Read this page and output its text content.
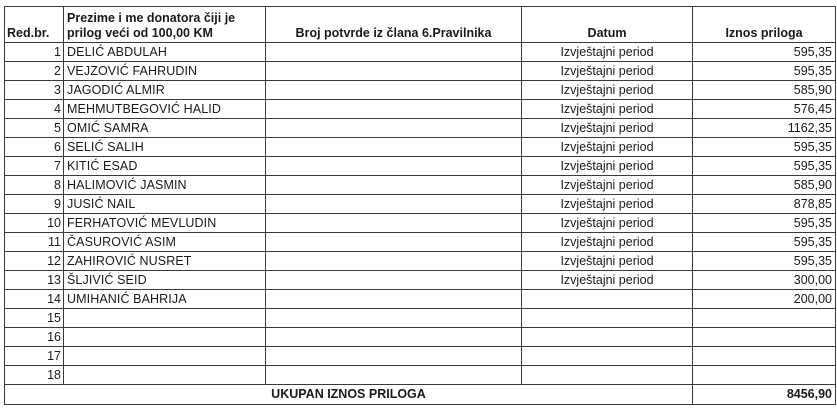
Red.br.	Prezime i me donatora čiji je prilog veći od 100,00 KM	Broj potvrde iz člana 6.Pravilnika	Datum	Iznos priloga
1	DELIĆ ABDULAH		Izvještajni period	595,35
2	VEJZOVIĆ FAHRUDIN		Izvještajni period	595,35
3	JAGODIĆ ALMIR		Izvještajni period	585,90
4	MEHMUTBEGOVIĆ HALID		Izvještajni period	576,45
5	OMIĆ SAMRA		Izvještajni period	1162,35
6	SELIĆ SALIH		Izvještajni period	595,35
7	KITIĆ ESAD		Izvještajni period	595,35
8	HALIMOVIĆ JASMIN		Izvještajni period	585,90
9	JUSIĆ NAIL		Izvještajni period	878,85
10	FERHATOVIĆ MEVLUDIN		Izvještajni period	595,35
11	ČASUROVIĆ ASIM		Izvještajni period	595,35
12	ZAHIROVIĆ NUSRET		Izvještajni period	595,35
13	ŠLJIVIĆ SEID		Izvještajni period	300,00
14	UMIHANIĆ BAHRIJA			200,00
15				
16				
17				
18				
UKUPAN IZNOS PRILOGA				8456,90
